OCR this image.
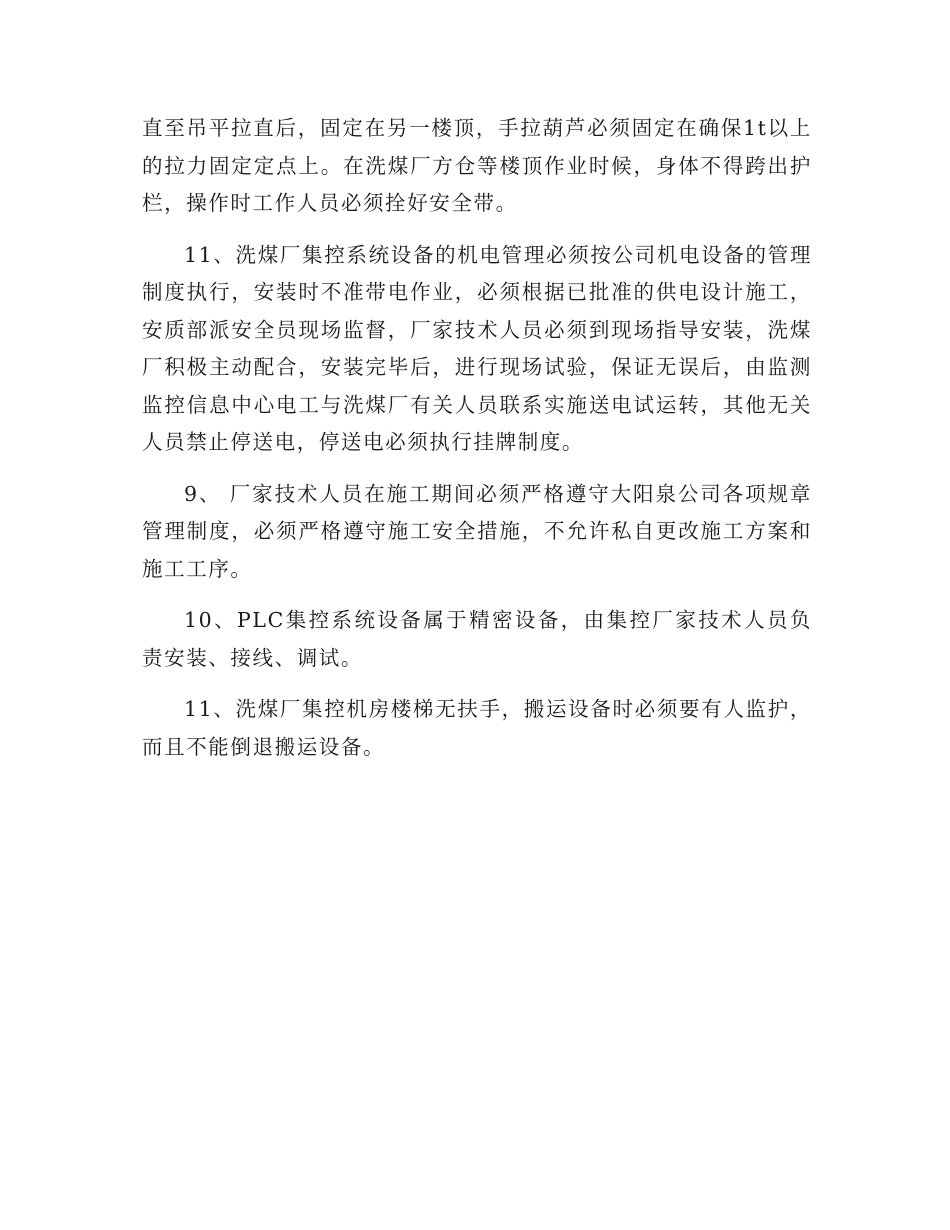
直至吊平拉直后，固定在另一楼顶，手拉葫芦必须固定在确保1t以上的拉力固定定点上。在洗煤厂方仓等楼顶作业时候，身体不得跨出护栏，操作时工作人员必须拴好安全带。

11、洗煤厂集控系统设备的机电管理必须按公司机电设备的管理制度执行，安装时不准带电作业，必须根据已批准的供电设计施工，安质部派安全员现场监督，厂家技术人员必须到现场指导安装，洗煤厂积极主动配合，安装完毕后，进行现场试验，保证无误后，由监测监控信息中心电工与洗煤厂有关人员联系实施送电试运转，其他无关人员禁止停送电，停送电必须执行挂牌制度。

9、 厂家技术人员在施工期间必须严格遵守大阳泉公司各项规章管理制度，必须严格遵守施工安全措施，不允许私自更改施工方案和施工工序。

10、PLC集控系统设备属于精密设备，由集控厂家技术人员负责安装、接线、调试。

11、洗煤厂集控机房楼梯无扶手，搬运设备时必须要有人监护，而且不能倒退搬运设备。
